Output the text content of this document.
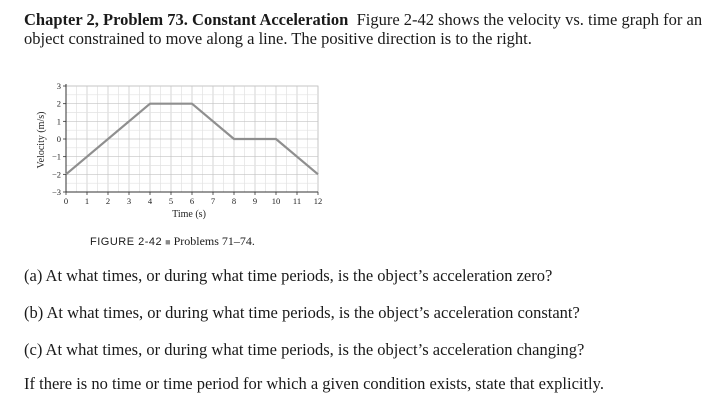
Chapter 2, Problem 73. Constant Acceleration Figure 2-42 shows the velocity vs. time graph for an object constrained to move along a line. The positive direction is to the right.
0 1 2 3 4 5 6 7 8 9 10 11 12
3
2
1
0
−1
−2
−3
Time (s)
Velocity (m/s)
FIGURE 2-42 ■ Problems 71–74.
(a) At what times, or during what time periods, is the object’s acceleration zero?
(b) At what times, or during what time periods, is the object’s acceleration constant?
(c) At what times, or during what time periods, is the object’s acceleration changing?
If there is no time or time period for which a given condition exists, state that explicitly.
